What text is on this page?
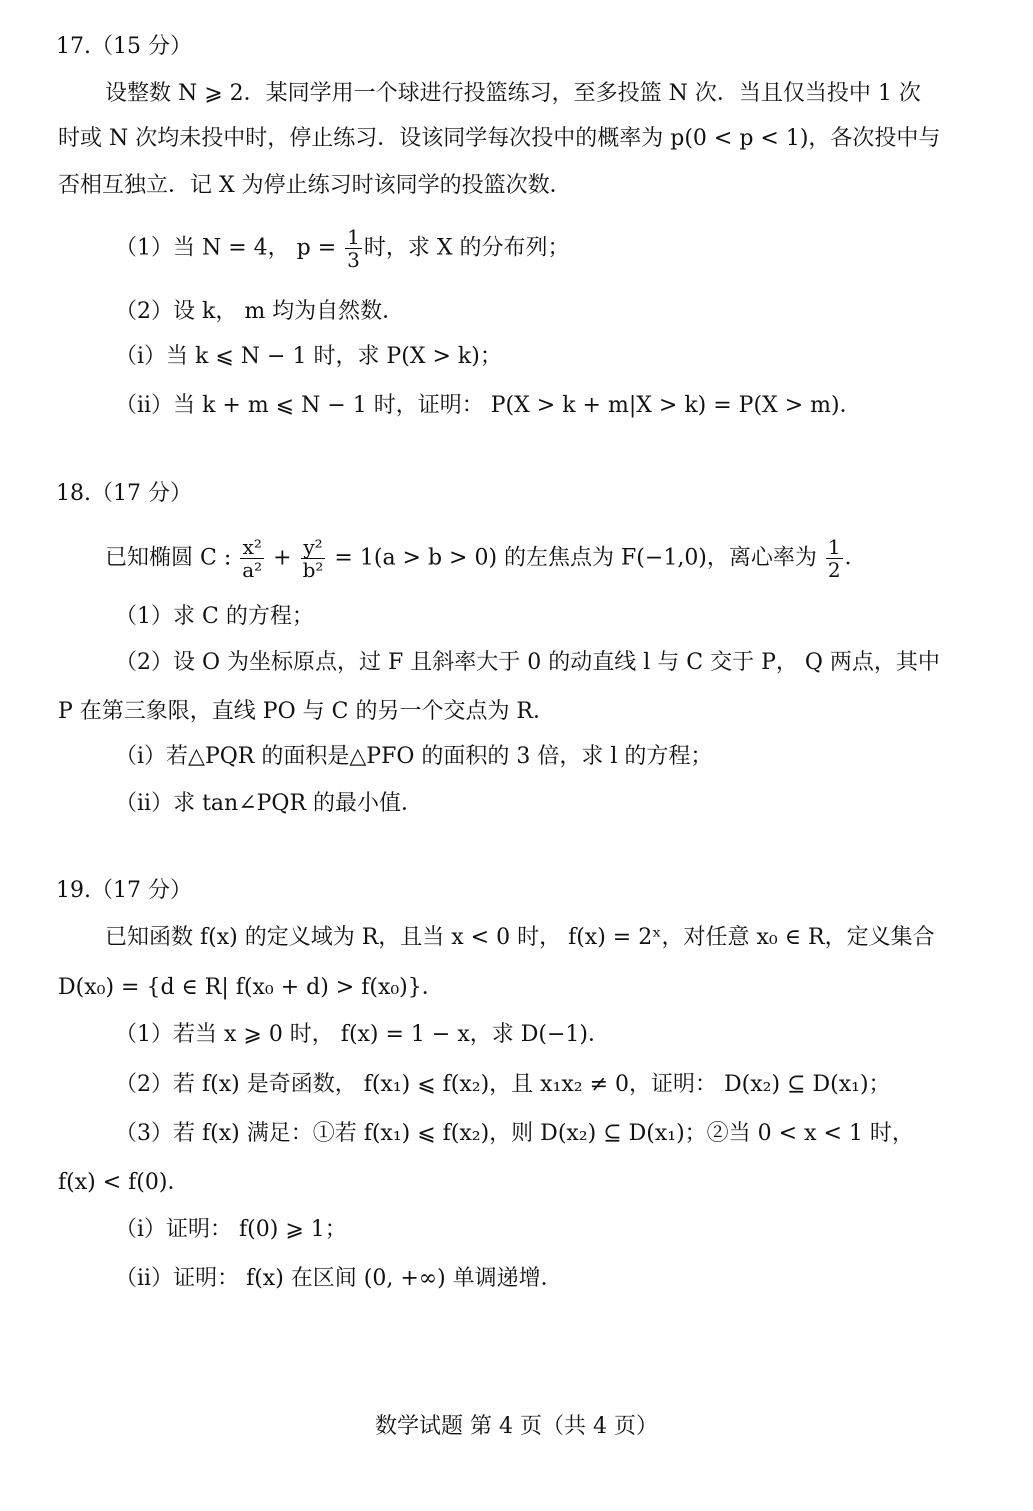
17.（15 分）
设整数 N ⩾ 2．某同学用一个球进行投篮练习，至多投篮 N 次．当且仅当投中 1 次
时或 N 次均未投中时，停止练习．设该同学每次投中的概率为 p(0 < p < 1)，各次投中与
否相互独立．记 X 为停止练习时该同学的投篮次数．
（1）当 N = 4， $p = \frac{1}{3}$ 时，求 X 的分布列；
（2）设 k， m 均为自然数．
（i）当 k ⩽ N − 1 时，求 P(X > k)；
（ii）当 k + m ⩽ N − 1 时，证明： P(X > k + m|X > k) = P(X > m)．
18.（17 分）
已知椭圆 C : $\frac{\text{x²}}{\text{a²}} + \frac{\text{y²}}{\text{b²}} = 1(a > b > 0)$ 的左焦点为 F(−1,0)，离心率为 $\frac{1}{2}$ ．
（1）求 C 的方程；
（2）设 O 为坐标原点，过 F 且斜率大于 0 的动直线 l 与 C 交于 P， Q 两点，其中
P 在第三象限，直线 PO 与 C 的另一个交点为 R．
（i）若△PQR 的面积是△PFO 的面积的 3 倍，求 l 的方程；
（ii）求 tan∠PQR 的最小值．
19.（17 分）
已知函数 f(x) 的定义域为 R，且当 x < 0 时， f(x) = 2ˣ，对任意 x₀ ∈ R，定义集合
D(x₀) = {d ∈ R| f(x₀ + d) > f(x₀)}．
（1）若当 x ⩾ 0 时， f(x) = 1 − x，求 D(−1)．
（2）若 f(x) 是奇函数， f(x₁) ⩽ f(x₂)，且 x₁x₂ ≠ 0，证明： D(x₂) ⊆ D(x₁)；
（3）若 f(x) 满足：①若 f(x₁) ⩽ f(x₂)，则 D(x₂) ⊆ D(x₁)；②当 0 < x < 1 时，
f(x) < f(0)．
（i）证明： f(0) ⩾ 1；
（ii）证明： f(x) 在区间 (0, +∞) 单调递增．
数学试题 第 4 页（共 4 页）
